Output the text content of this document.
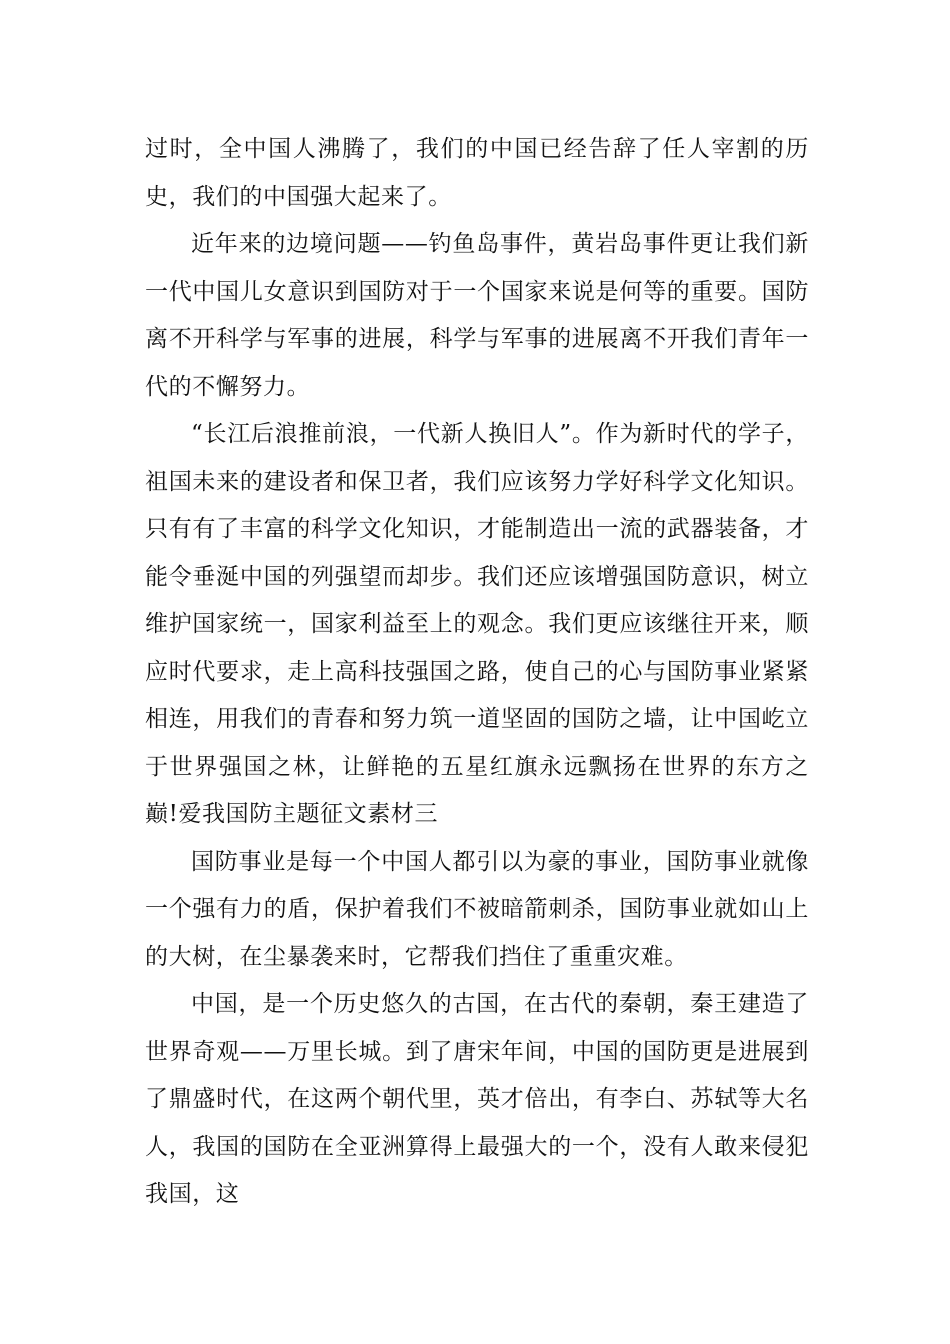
过时，全中国人沸腾了，我们的中国已经告辞了任人宰割的历史，我们的中国强大起来了。

近年来的边境问题——钓鱼岛事件，黄岩岛事件更让我们新一代中国儿女意识到国防对于一个国家来说是何等的重要。国防离不开科学与军事的进展，科学与军事的进展离不开我们青年一代的不懈努力。

“长江后浪推前浪，一代新人换旧人”。作为新时代的学子，祖国未来的建设者和保卫者，我们应该努力学好科学文化知识。只有有了丰富的科学文化知识，才能制造出一流的武器装备，才能令垂涎中国的列强望而却步。我们还应该增强国防意识，树立维护国家统一，国家利益至上的观念。我们更应该继往开来，顺应时代要求，走上高科技强国之路，使自己的心与国防事业紧紧相连，用我们的青春和努力筑一道坚固的国防之墙，让中国屹立于世界强国之林，让鲜艳的五星红旗永远飘扬在世界的东方之巅!爱我国防主题征文素材三

国防事业是每一个中国人都引以为豪的事业，国防事业就像一个强有力的盾，保护着我们不被暗箭刺杀，国防事业就如山上的大树，在尘暴袭来时，它帮我们挡住了重重灾难。

中国，是一个历史悠久的古国，在古代的秦朝，秦王建造了世界奇观——万里长城。到了唐宋年间，中国的国防更是进展到了鼎盛时代，在这两个朝代里，英才倍出，有李白、苏轼等大名人，我国的国防在全亚洲算得上最强大的一个，没有人敢来侵犯我国，这
